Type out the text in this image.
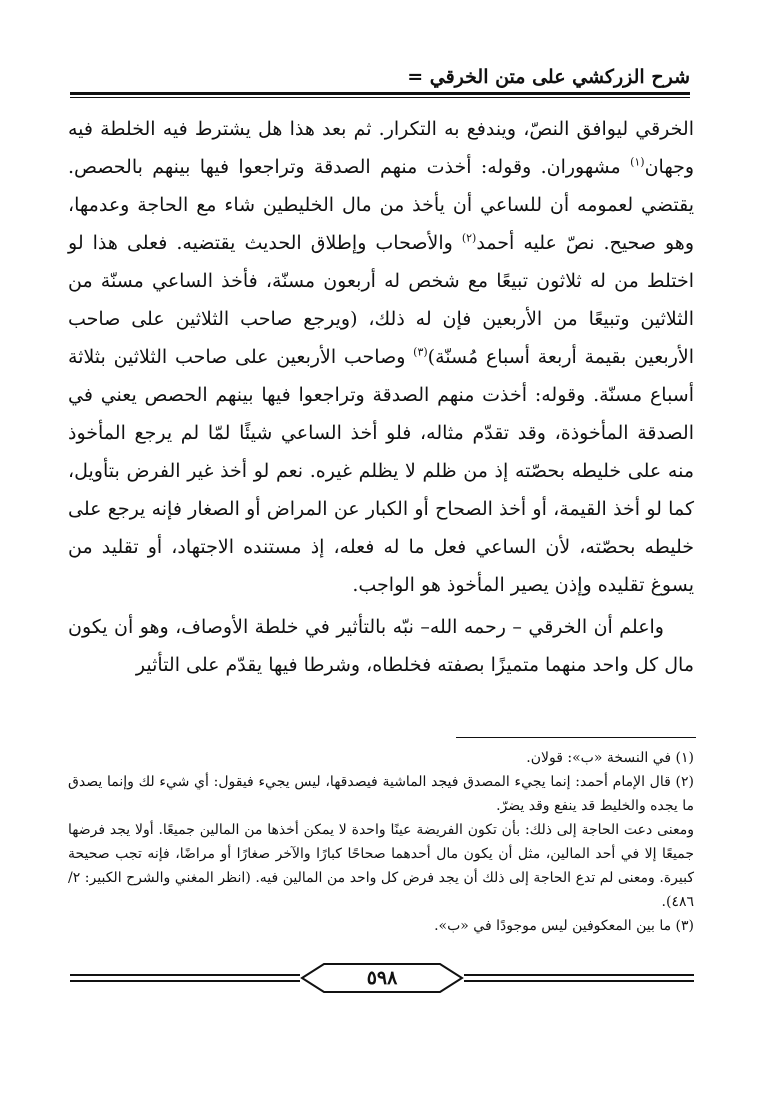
شرح الزركشي على متن الخرقي =

الخرقي ليوافق النصّ، ويندفع به التكرار. ثم بعد هذا هل يشترط فيه الخلطة فيه وجهان$^{(١)}$ مشهوران. وقوله: أخذت منهم الصدقة وتراجعوا فيها بينهم بالحصص. يقتضي لعمومه أن للساعي أن يأخذ من مال الخليطين شاء مع الحاجة وعدمها، وهو صحيح. نصّ عليه أحمد$^{(٢)}$ والأصحاب وإطلاق الحديث يقتضيه. فعلى هذا لو اختلط من له ثلاثون تبيعًا مع شخص له أربعون مسنّة، فأخذ الساعي مسنّة من الثلاثين وتبيعًا من الأربعين فإن له ذلك، (ويرجع صاحب الثلاثين على صاحب الأربعين بقيمة أربعة أسباع مُسنّة)$^{(٣)}$ وصاحب الأربعين على صاحب الثلاثين بثلاثة أسباع مسنّة. وقوله: أخذت منهم الصدقة وتراجعوا فيها بينهم الحصص يعني في الصدقة المأخوذة، وقد تقدّم مثاله، فلو أخذ الساعي شيئًا لمّا لم يرجع المأخوذ منه على خليطه بحصّته إذ من ظلم لا يظلم غيره. نعم لو أخذ غير الفرض بتأويل، كما لو أخذ القيمة، أو أخذ الصحاح أو الكبار عن المراض أو الصغار فإنه يرجع على خليطه بحصّته، لأن الساعي فعل ما له فعله، إذ مستنده الاجتهاد، أو تقليد من يسوغ تقليده وإذن يصير المأخوذ هو الواجب.

واعلم أن الخرقي – رحمه الله– نبّه بالتأثير في خلطة الأوصاف، وهو أن يكون مال كل واحد منهما متميزًا بصفته فخلطاه، وشرطا فيها يقدّم على التأثير

(١) في النسخة «ب»: قولان.

(٢) قال الإمام أحمد: إنما يجيء المصدق فيجد الماشية فيصدقها، ليس يجيء فيقول: أي شيء لك وإنما يصدق ما يجده والخليط قد ينفع وقد يضرّ.

ومعنى دعت الحاجة إلى ذلك: بأن تكون الفريضة عينًا واحدة لا يمكن أخذها من المالين جميعًا. أولا يجد فرضها جميعًا إلا في أحد المالين، مثل أن يكون مال أحدهما صحاحًا كبارًا والآخر صغارًا أو مراضًا، فإنه تجب صحيحة كبيرة. ومعنى لم تدع الحاجة إلى ذلك أن يجد فرض كل واحد من المالين فيه. (انظر المغني والشرح الكبير: ٢/ ٤٨٦).

(٣) ما بين المعكوفين ليس موجودًا في «ب».

٥٩٨
